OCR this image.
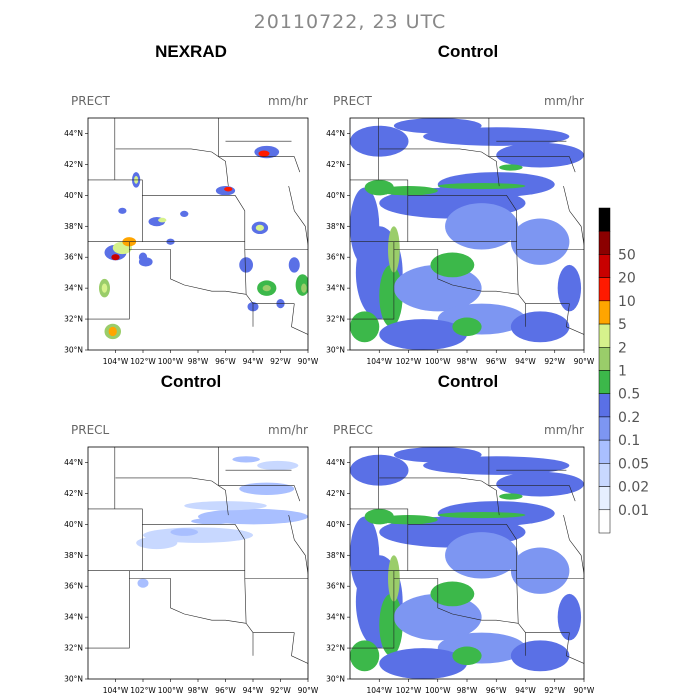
20110722, 23 UTC
NEXRAD
PRECT	mm/hr
30°N
32°N
34°N
36°N
38°N
40°N
42°N
44°N
104°W 102°W 100°W 98°W 96°W 94°W 92°W 90°W
Control
PRECT	mm/hr
30°N
32°N
34°N
36°N
38°N
40°N
42°N
44°N
104°W 102°W 100°W 98°W 96°W 94°W 92°W 90°W
Control
PRECL	mm/hr
30°N
32°N
34°N
36°N
38°N
40°N
42°N
44°N
104°W 102°W 100°W 98°W 96°W 94°W 92°W 90°W
Control
PRECC	mm/hr
30°N
32°N
34°N
36°N
38°N
40°N
42°N
44°N
104°W 102°W 100°W 98°W 96°W 94°W 92°W 90°W
0.01
0.02
0.05
0.1
0.2
0.5
1
2
5
10
20
50
